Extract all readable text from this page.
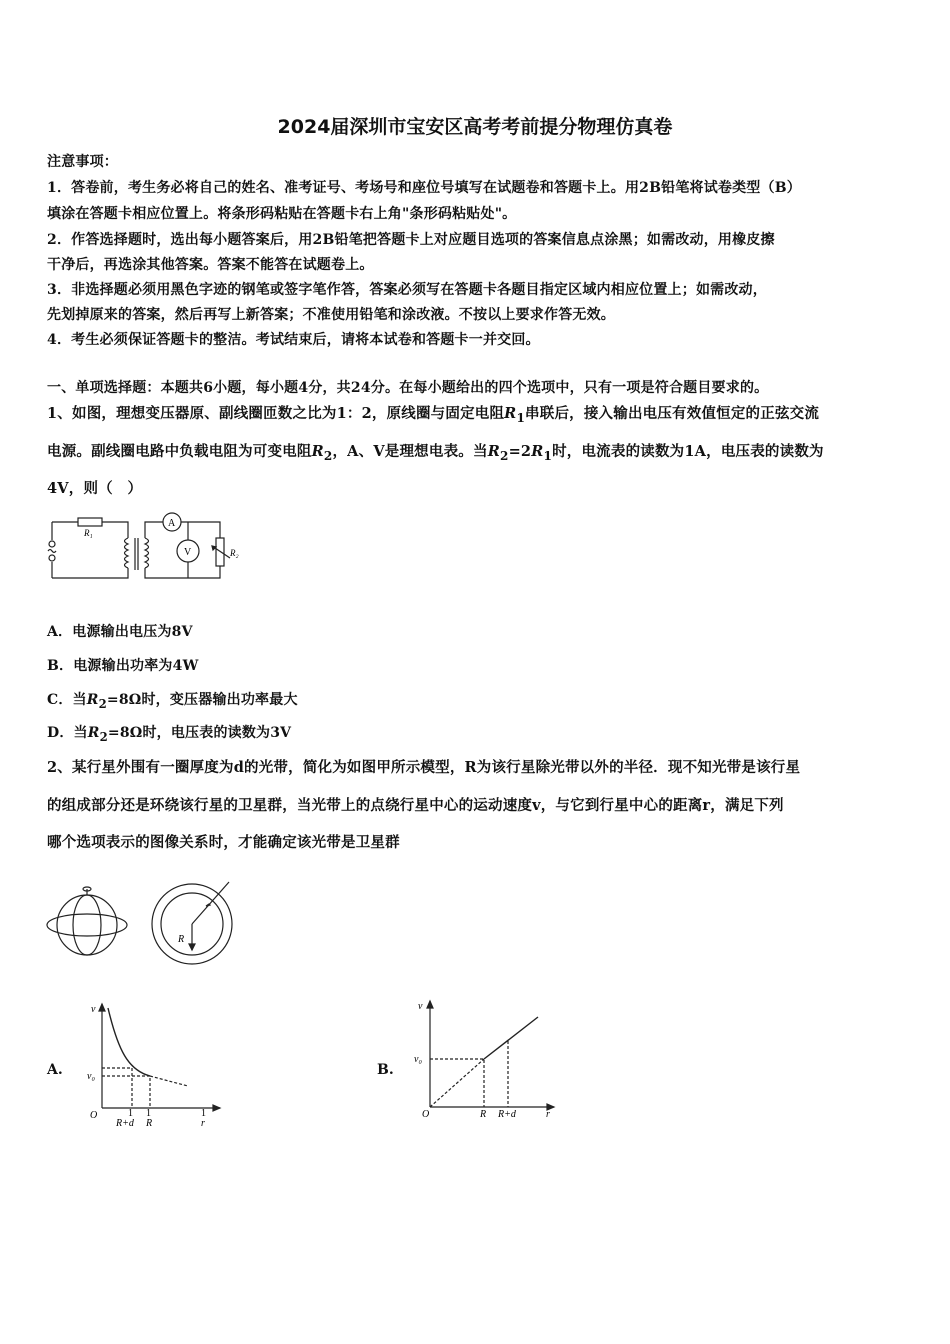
2024届深圳市宝安区高考考前提分物理仿真卷
注意事项：
1．答卷前，考生务必将自己的姓名、准考证号、考场号和座位号填写在试题卷和答题卡上。用2B铅笔将试卷类型（B）
填涂在答题卡相应位置上。将条形码粘贴在答题卡右上角"条形码粘贴处"。
2．作答选择题时，选出每小题答案后，用2B铅笔把答题卡上对应题目选项的答案信息点涂黑；如需改动，用橡皮擦
干净后，再选涂其他答案。答案不能答在试题卷上。
3．非选择题必须用黑色字迹的钢笔或签字笔作答，答案必须写在答题卡各题目指定区域内相应位置上；如需改动，
先划掉原来的答案，然后再写上新答案；不准使用铅笔和涂改液。不按以上要求作答无效。
4．考生必须保证答题卡的整洁。考试结束后，请将本试卷和答题卡一并交回。
一、单项选择题：本题共6小题，每小题4分，共24分。在每小题给出的四个选项中，只有一项是符合题目要求的。
1、如图，理想变压器原、副线圈匝数之比为1：2，原线圈与固定电阻$R_1$串联后，接入输出电压有效值恒定的正弦交流
电源。副线圈电路中负载电阻为可变电阻$R_2$，A、V是理想电表。当$R_2=2R_1$时，电流表的读数为1A，电压表的读数为
4V，则（　）
R₁
A
V	R₂
A．电源输出电压为8V
B．电源输出功率为4W
C．当$R_2=8\Omega$时，变压器输出功率最大
D．当$R_2=8\Omega$时，电压表的读数为3V
2、某行星外围有一圈厚度为d的光带，简化为如图甲所示模型，R为该行星除光带以外的半径．现不知光带是该行星
的组成部分还是环绕该行星的卫星群，当光带上的点绕行星中心的运动速度v，与它到行星中心的距离r，满足下列
哪个选项表示的图像关系时，才能确定该光带是卫星群
R
A.
v
v₀
O	1
R+d
1
R
1
r
B.
v
v₀
O	R R+d	r
